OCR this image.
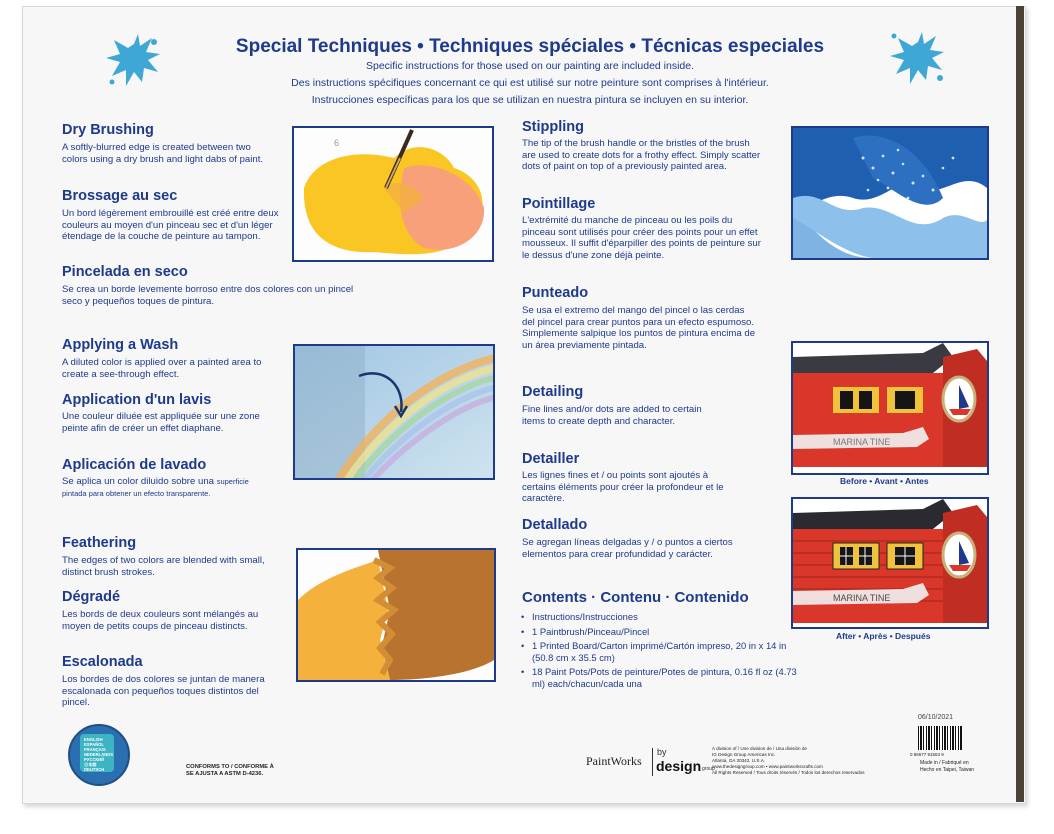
Special Techniques • Techniques spéciales • Técnicas especiales
Specific instructions for those used on our painting are included inside.
Des instructions spécifiques concernant ce qui est utilisé sur notre peinture sont comprises à l'intérieur.
Instrucciones específicas para los que se utilizan en nuestra pintura se incluyen en su interior.
Dry Brushing
A softly-blurred edge is created between two colors using a dry brush and light dabs of paint.
Brossage au sec
Un bord légèrement embrouillé est créé entre deux couleurs au moyen d'un pinceau sec et d'un léger étendage de la couche de peinture au tampon.
Pincelada en seco
Se crea un borde levemente borroso entre dos colores con un pincel seco y pequeños toques de pintura.
6
Applying a Wash
A diluted color is applied over a painted area to create a see-through effect.
Application d'un lavis
Une couleur diluée est appliquée sur une zone peinte afin de créer un effet diaphane.
Aplicación de lavado
Se aplica un color diluido sobre una superficie pintada para obtener un efecto transparente.
Feathering
The edges of two colors are blended with small, distinct brush strokes.
Dégradé
Les bords de deux couleurs sont mélangés au moyen de petits coups de pinceau distincts.
Escalonada
Los bordes de dos colores se juntan de manera escalonada con pequeños toques distintos del pincel.
Stippling
The tip of the brush handle or the bristles of the brush are used to create dots for a frothy effect. Simply scatter dots of paint on top of a previously painted area.
Pointillage
L'extrémité du manche de pinceau ou les poils du pinceau sont utilisés pour créer des points pour un effet mousseux. Il suffit d'éparpiller des points de peinture sur le dessus d'une zone déjà peinte.
Punteado
Se usa el extremo del mango del pincel o las cerdas del pincel para crear puntos para un efecto espumoso. Simplemente salpique los puntos de pintura encima de un área previamente pintada.
Detailing
Fine lines and/or dots are added to certain items to create depth and character.
Detailler
Les lignes fines et / ou points sont ajoutés à certains éléments pour créer la profondeur et le caractère.
Detallado
Se agregan líneas delgadas y / o puntos a ciertos elementos para crear profundidad y carácter.
MARINA TINE
Before • Avant • Antes
MARINA TINE
After • Après • Después
Contents · Contenu · Contenido
• Instructions/Instrucciones
• 1 Paintbrush/Pinceau/Pincel
• 1 Printed Board/Carton imprimé/Cartón impreso, 20 in x 14 in (50.8 cm x 35.5 cm)
• 18 Paint Pots/Pots de peinture/Potes de pintura, 0.16 fl oz (4.73 ml) each/chacun/cada una
ENGLISH
ESPAÑOL
FRANÇAIS
NEDERLANDS
РУССКИЙ
日本語
DEUTSCH	CONFORMS TO / CONFORME À
SE AJUSTA A ASTM D-4236.
PaintWorks
by
design group
A division of / Une division de / Una división de
IG Design Group Americas Inc.
Atlanta, GA 30342, U.S.A.
www.thedesigngroup.com • www.paintworkscrafts.com
All Rights Reserved / Tous droits réservés / Todos los derechos reservados
06/10/2021
0 86677 91563 9
Made in / Fabriqué en
Hecho en Taipei, Taiwan
